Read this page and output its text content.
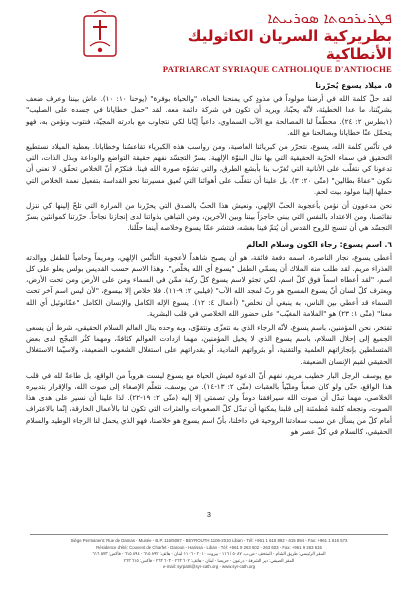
ܦܛܪܝܪܟܘܬܐ ܣܘܪܝܝܬܐ
بطريركية السريان الكاثوليك الأنطاكية
PATRIARCAT SYRIAQUE CATHOLIQUE D'ANTIOCHE
٥. ميلاد يسوع يُحرّرنا

لقد حلّ كلمة الله في أرضنا مولوداً في مذودٍ كي يمنحنا الحياة، "والحياة بوفرة" (يوحنا ١٠: ١٠). عاش بيننا وعرف ضعف بشريّتنا، ما عدا الخطيئة، لأنّه يحبّنا، ويريد أن تكون في شركة دائمة معه. لقد "حمل خطايانا في جسده على الصليب" (١بطرس ٢: ٢٤). محطّماً لنا المصالحة مع الآب السماوي، داعياً إيّانا لكي نتجاوب مع بادرته المجيّة، فنتوب ونؤمن به، فهو يتحمّل عنّا خطايانا وبصالحنا مع الله.

في تأنّس كلمة الله، يسوع، نتحرّر من كبريائنا العاصية، ومن رواسب هذه الكبرياء تقاعسُنا وخطايانا. بعطية الميلاد نستطيع التحقيق في سماء الحرّية الحقيقية التي بها ننال البنوّة الإلهية. بسرّ التجسّد نفهم حقيقة التواضع والوداعة وبذل الذات، التي تدعونا كي نتغلّب على الأنانية التي تُغرّب بنا بأبشع الطرق، والتي تشوّه صورة الله فينا. فنكرّم أنّ الخلاص تحقّق، لا نعني أن نكون "عفاةً بطالين" (متّى ٢٠: ٣). بل علينا أن نتغلّب على أهوائنا التي تُعيق مسيرتنا نحو القداسة بتفعيل نعمة الخلاص التي حملها إلينا مولود بيت لحم.

نحن مدعوون أن نؤمن بأعجوبة الحبّ الإلهي، ونعيش هذا الحبّ بالصدق التي يحرّرنا من المرارة التي تلحّ إلينها كي ننزل نقائصنا، ومن الاعتداد بالنفس التي يبني حاجزاً بيننا وبين الآخرين، ومن التباهي بذواتنا لدى إنجازنا نجاحاً. حرّرتنا كموانئين بسرّ التجسّد هي أن تنسج للروح القدس أن يُتمّ فينا بغشه، فنتشر عمّا يسوع وخلاصه أينما حلّلنا.

٦. اسم يسوع: رجاء الكون وسلام العالم

أعطى يسوع، نجار الناصرة، اسمه دفعة فائقة، هو أن يصبح شاهداً لأعجوبة التأنّس الإلهي، ومريماً وحامياً للطفل ووالدته العذراء مريم. لقد طلب منه الملاك أن يسمّي الطفل "يسوع أي الله يخلّص". وهذا الاسم حسب القديس بولس يعلو على كل اسم، "لقد أعطاه اسماً فوق كلّ اسم، لكي تجثو لاسم يسوع كلّ ركبة ممّن في السماء ومن على الأرض ومن تحت الأرض، ويعترف كلّ لسان أنّ يسوع المسيح هو ربّ لمجد الله الآب" (فيلبي ٢: ٩-١١). فلا خلاص إلا بيسوع، "لأن ليس اسم آخر تحت السماء قد أعطي بين الناس، به ينبغي أن نخلص" (أعمال ٤: ١٢). يسوع الإله الكامل والإنسان الكامل "عمّانوئيل أي الله معنا" (متّى ١: ٢٣) هو "الملامة المغيّب" على حضور الله الخلاصي في قلب البشرية.

تفتخر، نحن المؤمنين، باسم يسوع، لأنّه الرجاء الذي به نتعزّى ونتقوّى، وبه وحده ينال العالم السلام الحقيقي، شرط أن يسعى الجميع إلى إحلال السلام، باسم يسوع الذي لا يخيل المؤمنين، مهما ازدادت العوالم كثافةً، ومهما كثُر التبجّح لدى بعض المتسلطين بإنجازاتهم العلمية والتقنية، أو بثرواتهم المادية، أو بقدراتهم على استغلال الشعوب الضعيفة، ولاسيّما الاستغلال الحقيقي لقيم الإنسان الضعيفة.

مع يوسف الرجل البار خطيب مريم، نفهم أنّ الدعوة لعيش الحياة مع يسوع ليست هروباً من الواقع، بل طاعةٌ لله في قلب هذا الواقع، حتّى ولو كان صعباً وملبّياً بالعقبات (متّى ٢: ١٣-١٤). من يوسف، نتعلّم الإصغاء إلى صوت الله، والإقرار بتدبيره الخلاصي، مهما تبدّل أن صوت الله سيرافقنا دوماً ولن تصمتي إلا إليه (متّى ٢: ١٩-٢٢). لذا علينا أن نسير على هدى هذا الصوت، ونجعله كلمة مُطمئنة إلى قلبنا يمكنها أن تبدّل كلّ الصعوبات والعثرات التي تكون لنا بالأعمال الخارقة، إنّما بالاعتراف أمام كلّ من يسأل عن سبب سعادتنا الروحية في داخلنا، بأنّ اسم يسوع هو خلاصنا، فهو الذي يحمل لنا الرجاء الوطيد والسلام الحقيقي، كالسلام في كلّ عصر هو

3
Siège Permanent: Rue de Damas - Musée - B.P. 116/5087 - BEYROUTH 1106-2010 Liban - Tél: +961 1 615 892 - 615 894 - Fax: +961 1 616 573
Résidence d'été: Couvent de Charfet - Daroun - Harissa - Liban - Tél: +961 9 263 602 - 263 603 - Fax: +961 9 263 615
المقر الرئيسي: طريق الشام - المتحف - ص.ب. ٥٠٨٧ / ١١٦ - بيروت ٢٠١٠ - ١١٠٦ لبنان - هاتف: ٨٩٢ ٦١٥ - ٨٩٤ ٦١٥ - فاكس: ٥٧٣ ٦١٦
المقر الصيفي: دير الشرفة - درعون - حريصا - لبنان - هاتف: ٦٠٢ ٢٦٣ - ٦٠٣ ٢٦٣ - فاكس: ٦١٥ ٢٦٣
e-mail: syrpatri@syr-cath.org - www.syr-cath.org
